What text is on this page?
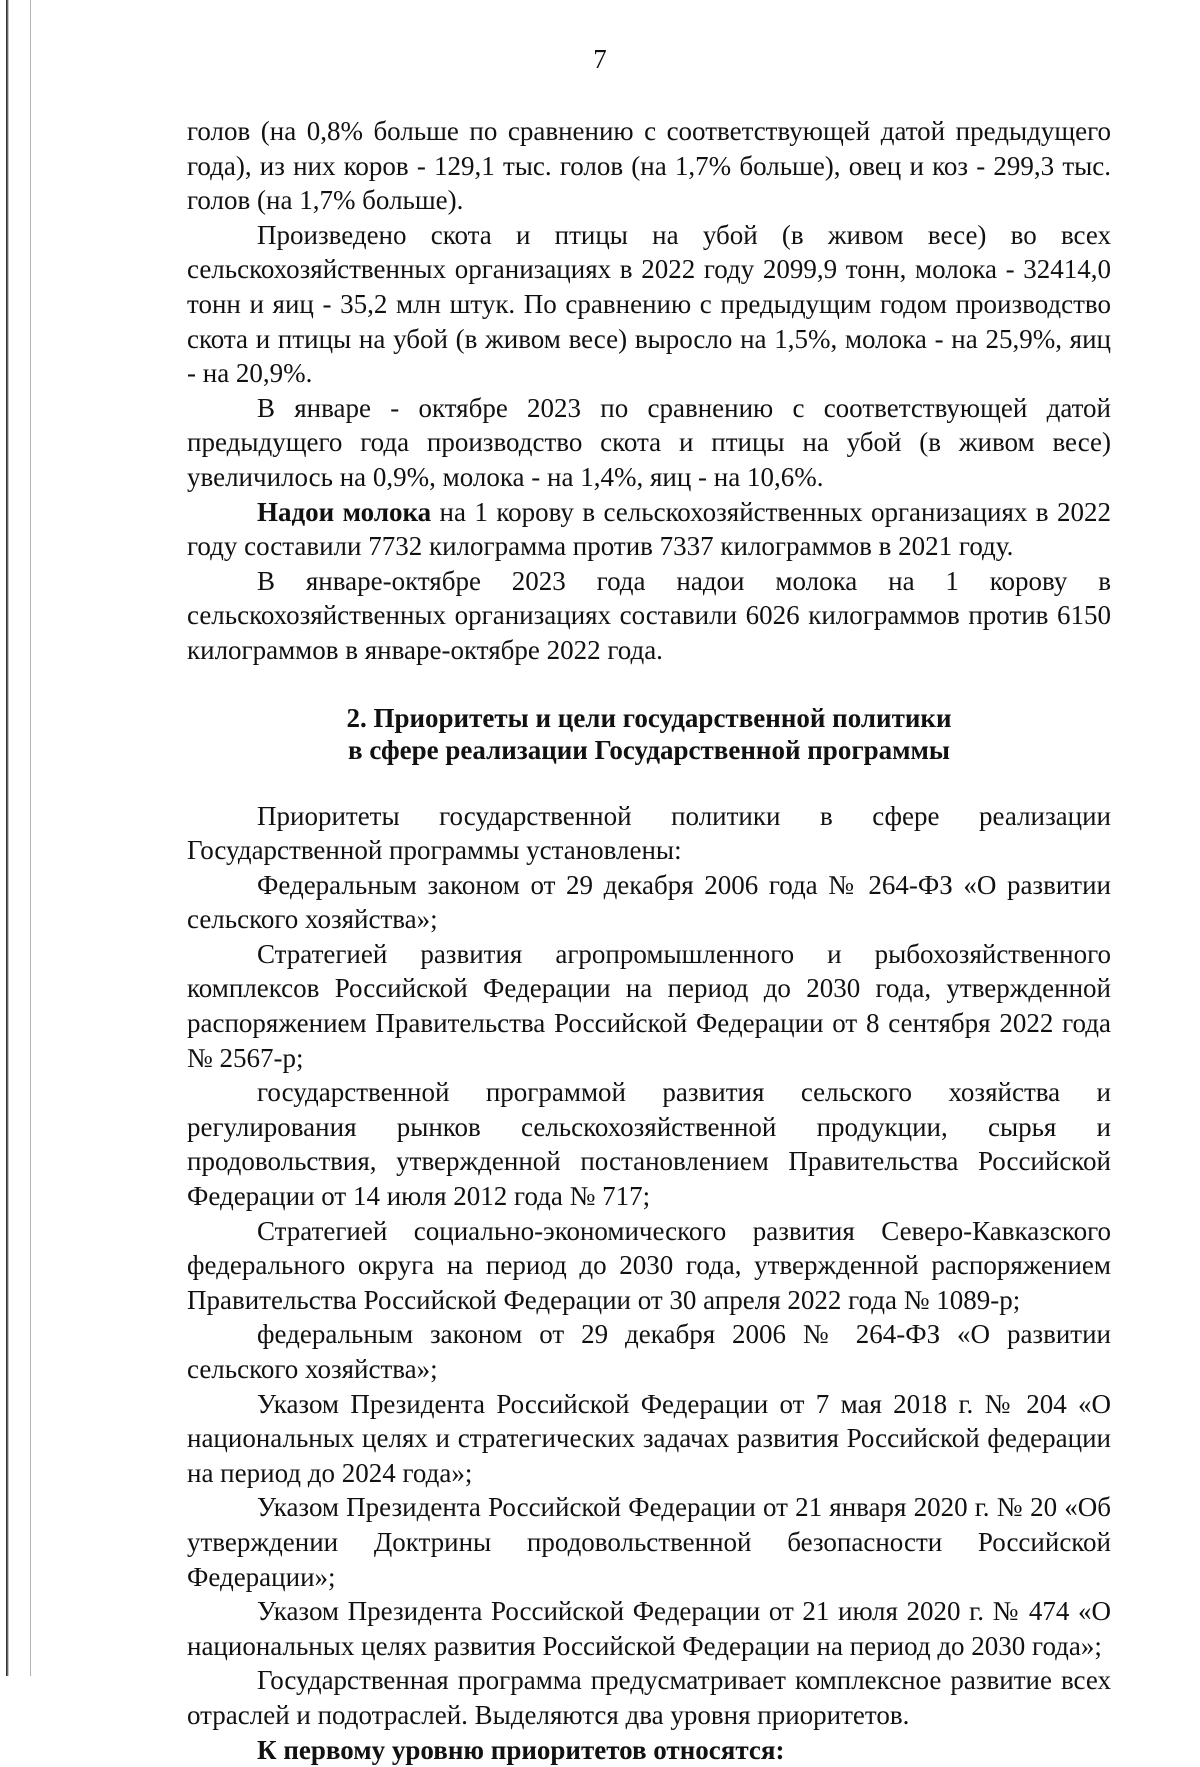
7

голов (на 0,8% больше по сравнению с соответствующей датой предыдущего года), из них коров - 129,1 тыс. голов (на 1,7% больше), овец и коз - 299,3 тыс. голов (на 1,7% больше).

Произведено скота и птицы на убой (в живом весе) во всех сельскохозяйственных организациях в 2022 году 2099,9 тонн, молока - 32414,0 тонн и яиц - 35,2 млн штук. По сравнению с предыдущим годом производство скота и птицы на убой (в живом весе) выросло на 1,5%, молока - на 25,9%, яиц - на 20,9%.

В январе - октябре 2023 по сравнению с соответствующей датой предыдущего года производство скота и птицы на убой (в живом весе) увеличилось на 0,9%, молока - на 1,4%, яиц - на 10,6%.

Надои молока на 1 корову в сельскохозяйственных организациях в 2022 году составили 7732 килограмма против 7337 килограммов в 2021 году.

В январе-октябре 2023 года надои молока на 1 корову в сельскохозяйственных организациях составили 6026 килограммов против 6150 килограммов в январе-октябре 2022 года.

2. Приоритеты и цели государственной политики
в сфере реализации Государственной программы

Приоритеты государственной политики в сфере реализации Государственной программы установлены:

Федеральным законом от 29 декабря 2006 года № 264-ФЗ «О развитии сельского хозяйства»;

Стратегией развития агропромышленного и рыбохозяйственного комплексов Российской Федерации на период до 2030 года, утвержденной распоряжением Правительства Российской Федерации от 8 сентября 2022 года № 2567-р;

государственной программой развития сельского хозяйства и регулирования рынков сельскохозяйственной продукции, сырья и продовольствия, утвержденной постановлением Правительства Российской Федерации от 14 июля 2012 года № 717;

Стратегией социально-экономического развития Северо-Кавказского федерального округа на период до 2030 года, утвержденной распоряжением Правительства Российской Федерации от 30 апреля 2022 года № 1089-р;

федеральным законом от 29 декабря 2006 № 264-ФЗ «О развитии сельского хозяйства»;

Указом Президента Российской Федерации от 7 мая 2018 г. № 204 «О национальных целях и стратегических задачах развития Российской федерации на период до 2024 года»;

Указом Президента Российской Федерации от 21 января 2020 г. № 20 «Об утверждении Доктрины продовольственной безопасности Российской Федерации»;

Указом Президента Российской Федерации от 21 июля 2020 г. № 474 «О национальных целях развития Российской Федерации на период до 2030 года»;

Государственная программа предусматривает комплексное развитие всех отраслей и подотраслей. Выделяются два уровня приоритетов.

К первому уровню приоритетов относятся:
